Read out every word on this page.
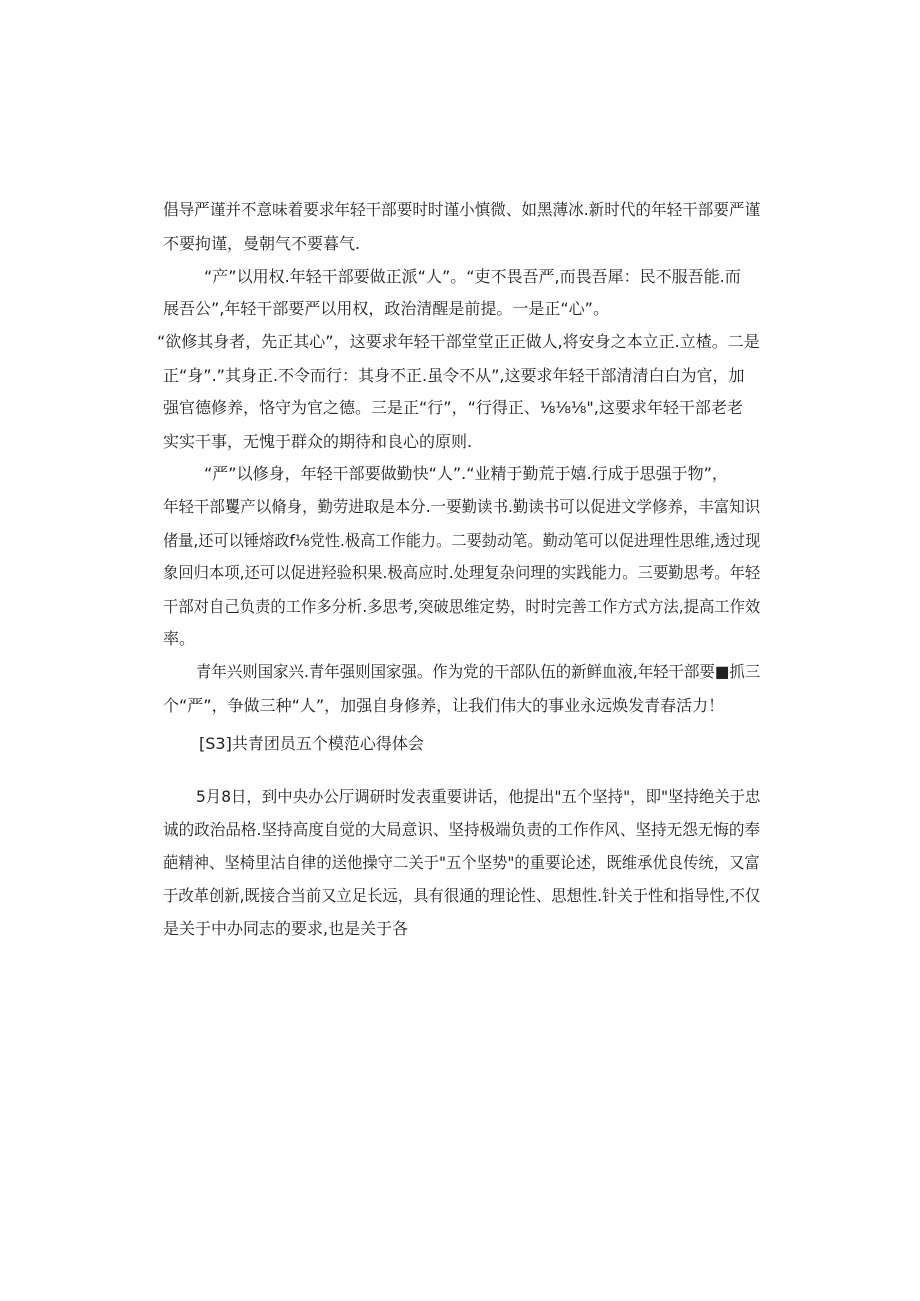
倡导严谨并不意味着要求年轻干部要时时谨小慎微、如黑薄冰.新时代的年轻干部要严谨
不要拘谨，曼朝气不要暮气.
“产”以用权.年轻干部要做正派“人”。“吏不畏吾严,而畏吾犀：民不服吾能.而
展吾公”,年轻干部要严以用权，政治清醒是前提。一是正“心”。
“欲修其身者，先正其心”，这要求年轻干部堂堂正正做人,将安身之本立正.立楂。二是
正“身”.”其身正.不令而行：其身不正.虽令不从”,这要求年轻干部清清白白为官，加
强官德修养，恪守为官之德。三是正“行”，“行得正、⅛⅛⅛",这要求年轻干部老老
实实干事，无愧于群众的期待和良心的原则.
“严”以修身，年轻干部要做勤快“人”.“业精于勤荒于嬉.行成于思强于物”，
年轻干部矍产以脩身，勤劳进取是本分.一要勤读书.勤读书可以促进文学修养，丰富知识
偖量,还可以锤熔政f⅛党性.极高工作能力。二要勎动笔。勤动笔可以促进理性思维,透过现
象回归本项,还可以促进羟验积果.极高应时.处理复杂问理的实践能力。三要勤思考。年轻
干部对自己负责的工作多分析.多思考,突破思维定势，时时完善工作方式方法,提高工作效
率。
青年兴则国家兴.青年强则国家强。作为党的干部队伍的新鲜血液,年轻干部要■抓三
个“严”，争做三种“人”，加强自身修养，让我们伟大的事业永远焕发青春活力！
[S3]共青团员五个模范心得体会
5月8日，到中央办公厅调研时发表重要讲话，他提出"五个坚持"，即"坚持绝关于忠
诚的政治品格.坚持高度自觉的大局意识、坚持极端负责的工作作风、坚持无怨无悔的奉
葩精神、坚椅里沽自律的送他操守二关于"五个坚势"的重要论述，既维承优良传统，又富
于改革创新,既接合当前又立足长远，具有很通的理论性、思想性.针关于性和指导性,不仅
是关于中办同志的要求,也是关于各
